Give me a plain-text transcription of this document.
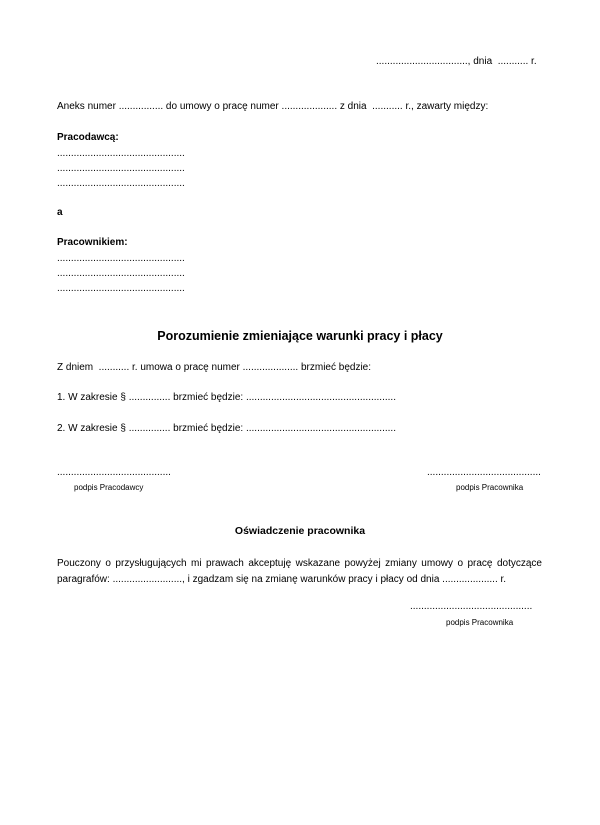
................................., dnia  ........... r.
Aneks numer ................ do umowy o pracę numer .................... z dnia  ........... r., zawarty między:
Pracodawcą:
..............................................
..............................................
..............................................
a
Pracownikiem:
..............................................
..............................................
..............................................
Porozumienie zmieniające warunki pracy i płacy
Z dniem  ........... r. umowa o pracę numer .................... brzmieć będzie:
1. W zakresie § ............... brzmieć będzie: ......................................................
2. W zakresie § ............... brzmieć będzie: ......................................................
.........................................
podpis Pracodawcy
.........................................
podpis Pracownika
Oświadczenie pracownika
Pouczony o przysługujących mi prawach akceptuję wskazane powyżej zmiany umowy o pracę dotyczące paragrafów: ........................., i zgadzam się na zmianę warunków pracy i płacy od dnia .................... r.
............................................
podpis Pracownika
